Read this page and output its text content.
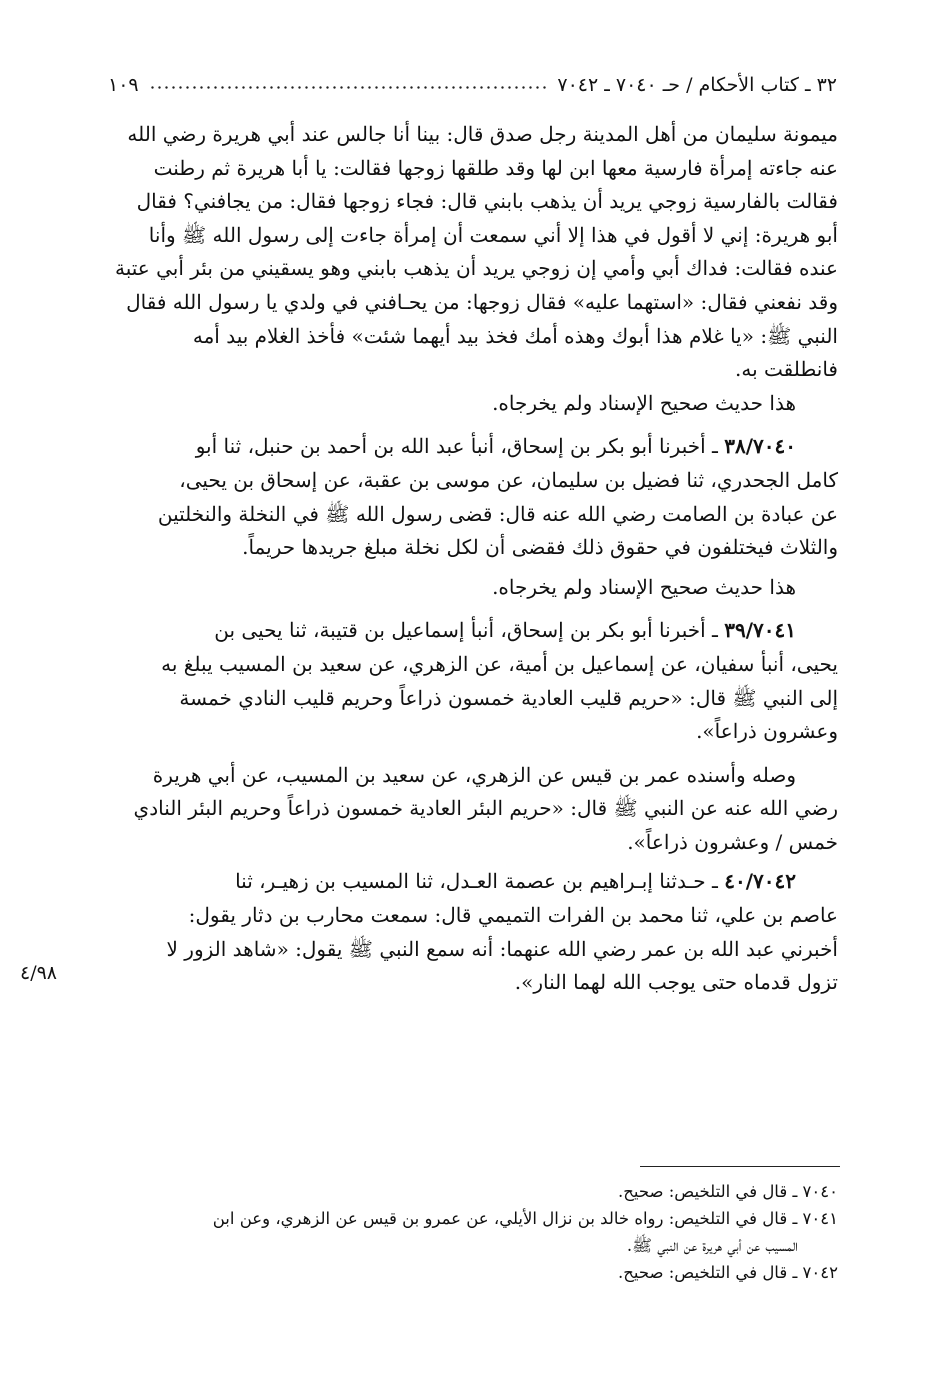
٣٢ ـ كتاب الأحكام / حـ ٧٠٤٠ ـ ٧٠٤٢
١٠٩

ميمونة سليمان من أهل المدينة رجل صدق قال: بينا أنا جالس عند أبي هريرة رضي الله

عنه جاءته إمرأة فارسية معها ابن لها وقد طلقها زوجها فقالت: يا أبا هريرة ثم رطنت

فقالت بالفارسية زوجي يريد أن يذهب بابني قال: فجاء زوجها فقال: من يجافني؟ فقال

أبو هريرة: إني لا أقول في هذا إلا أني سمعت أن إمرأة جاءت إلى رسول الله ﷺ وأنا

عنده فقالت: فداك أبي وأمي إن زوجي يريد أن يذهب بابني وهو يسقيني من بئر أبي عتبة

وقد نفعني فقال: «استهما عليه» فقال زوجها: من يحـافني في ولدي يا رسول الله فقال

النبي ﷺ: «يا غلام هذا أبوك وهذه أمك فخذ بيد أيهما شئت» فأخذ الغلام بيد أمه

فانطلقت به.

هذا حديث صحيح الإسناد ولم يخرجاه.

٣٨/٧٠٤٠ ـ أخبرنا أبو بكر بن إسحاق، أنبأ عبد الله بن أحمد بن حنبل، ثنا أبو

كامل الجحدري، ثنا فضيل بن سليمان، عن موسى بن عقبة، عن إسحاق بن يحيى،

عن عبادة بن الصامت رضي الله عنه قال: قضى رسول الله ﷺ في النخلة والنخلتين

والثلاث فيختلفون في حقوق ذلك فقضى أن لكل نخلة مبلغ جريدها حريماً.

هذا حديث صحيح الإسناد ولم يخرجاه.

٣٩/٧٠٤١ ـ أخبرنا أبو بكر بن إسحاق، أنبأ إسماعيل بن قتيبة، ثنا يحيى بن

يحيى، أنبأ سفيان، عن إسماعيل بن أمية، عن الزهري، عن سعيد بن المسيب يبلغ به

إلى النبي ﷺ قال: «حريم قليب العادية خمسون ذراعاً وحريم قليب النادي خمسة

وعشرون ذراعاً».

وصله وأسنده عمر بن قيس عن الزهري، عن سعيد بن المسيب، عن أبي هريرة

رضي الله عنه عن النبي ﷺ قال: «حريم البئر العادية خمسون ذراعاً وحريم البئر النادي

خمس / وعشرون ذراعاً».

٤٠/٧٠٤٢ ـ حـدثنا إبـراهيم بن عصمة العـدل، ثنا المسيب بن زهيـر، ثنا

عاصم بن علي، ثنا محمد بن الفرات التميمي قال: سمعت محارب بن دثار يقول:

أخبرني عبد الله بن عمر رضي الله عنهما: أنه سمع النبي ﷺ يقول: «شاهد الزور لا

تزول قدماه حتى يوجب الله لهما النار».

٤/٩٨

٧٠٤٠ ـ قال في التلخيص: صحيح.

٧٠٤١ ـ قال في التلخيص: رواه خالد بن نزال الأيلي، عن عمرو بن قيس عن الزهري، وعن ابن

المسيب عن أبي هريرة عن النبي ﷺ.

٧٠٤٢ ـ قال في التلخيص: صحيح.
